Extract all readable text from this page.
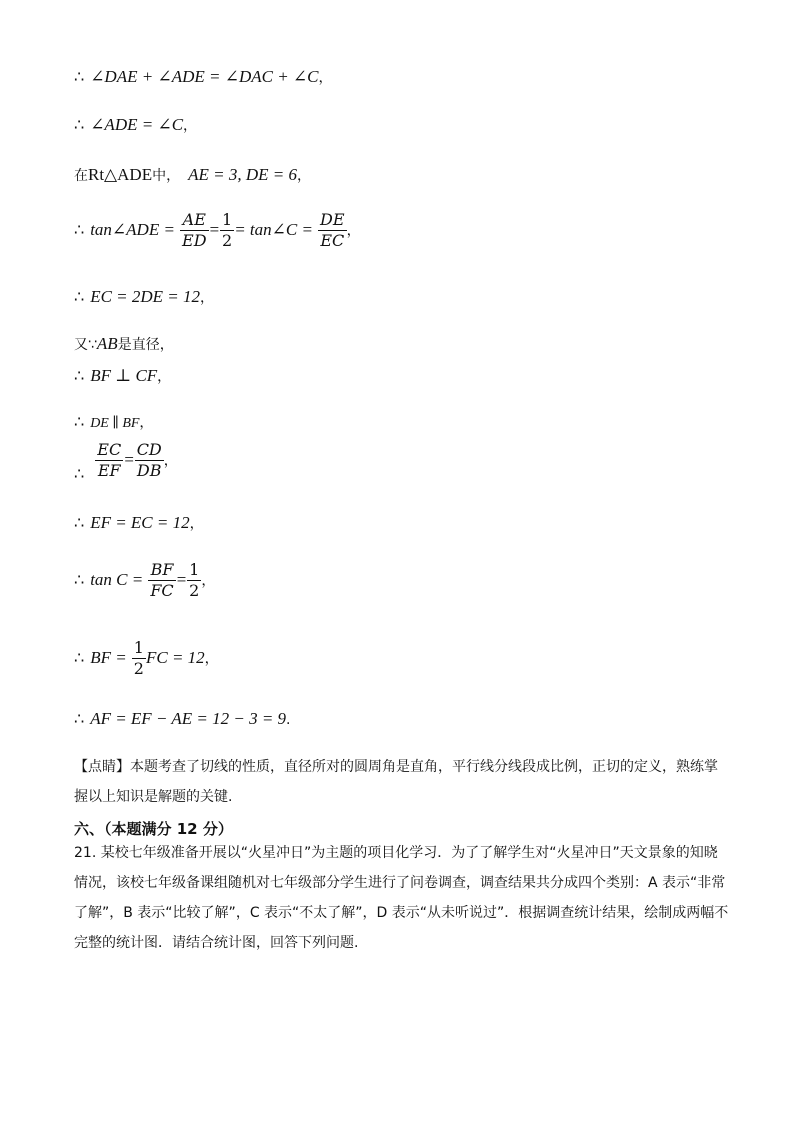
∴ ∠DAE + ∠ADE = ∠DAC + ∠C，
∴ ∠ADE = ∠C，
在Rt△ADE中， AE = 3, DE = 6，
∴ tan∠ADE = $\frac{AE}{ED} = \frac{1}{2}$ = tan∠C = $\frac{DE}{EC}$ ，
∴ EC = 2DE = 12，
又∵AB是直径，
∴ BF ⊥ CF，
∴ DE ∥ BF，
∴ $\frac{EC}{EF} = \frac{CD}{DB}$ ，
∴ EF = EC = 12，
∴ $\tan C = \frac{BF}{FC} = \frac{1}{2}$ ，
∴ BF = $\frac{1}{2}$ FC = 12，
∴ AF = EF − AE = 12 − 3 = 9.
【点睛】本题考查了切线的性质，直径所对的圆周角是直角，平行线分线段成比例，正切的定义，熟练掌握以上知识是解题的关键.
六、（本题满分 12 分）
21. 某校七年级准备开展以“火星冲日”为主题的项目化学习．为了了解学生对“火星冲日”天文景象的知晓情况，该校七年级备课组随机对七年级部分学生进行了问卷调查，调查结果共分成四个类别：A 表示“非常了解”，B 表示“比较了解”，C 表示“不太了解”，D 表示“从未听说过”．根据调查统计结果，绘制成两幅不完整的统计图．请结合统计图，回答下列问题.
